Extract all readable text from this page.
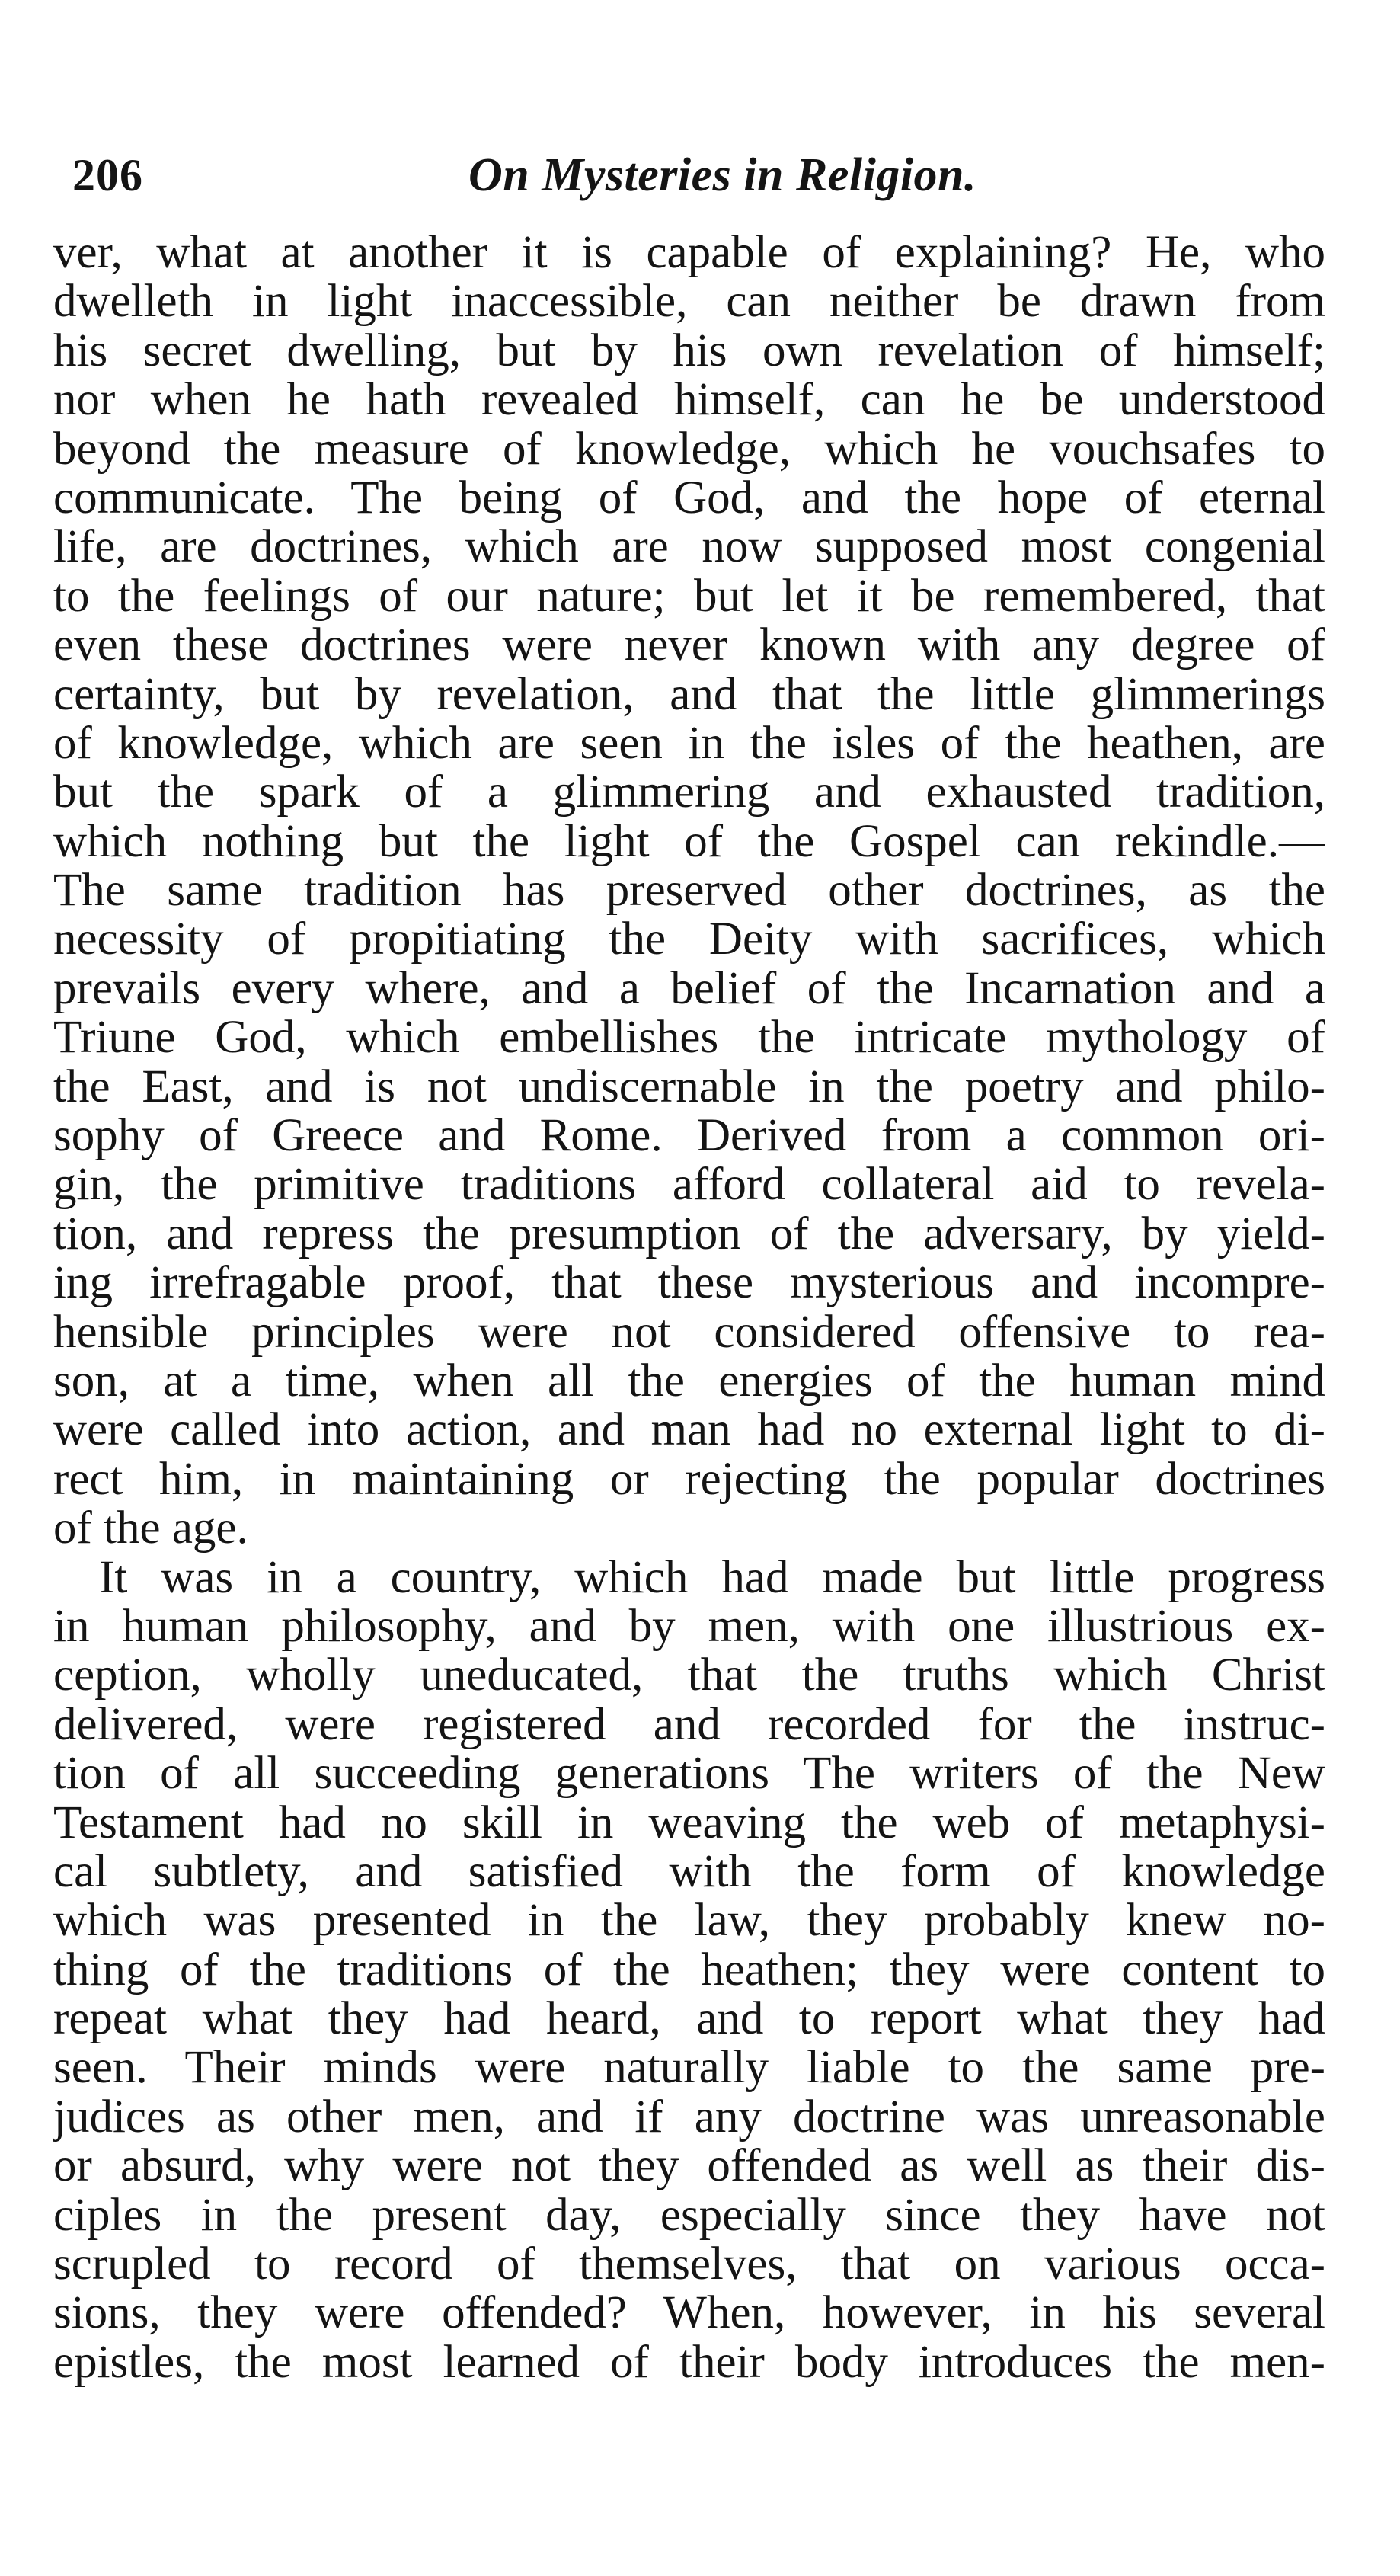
206	On Mysteries in Religion.
ver, what at another it is capable of explaining? He, who
dwelleth in light inaccessible, can neither be drawn from
his secret dwelling, but by his own revelation of himself;
nor when he hath revealed himself, can he be understood
beyond the measure of knowledge, which he vouchsafes to
communicate. The being of God, and the hope of eternal
life, are doctrines, which are now supposed most congenial
to the feelings of our nature; but let it be remembered, that
even these doctrines were never known with any degree of
certainty, but by revelation, and that the little glimmerings
of knowledge, which are seen in the isles of the heathen, are
but the spark of a glimmering and exhausted tradition,
which nothing but the light of the Gospel can rekindle.—
The same tradition has preserved other doctrines, as the
necessity of propitiating the Deity with sacrifices, which
prevails every where, and a belief of the Incarnation and a
Triune God, which embellishes the intricate mythology of
the East, and is not undiscernable in the poetry and philo-
sophy of Greece and Rome. Derived from a common ori-
gin, the primitive traditions afford collateral aid to revela-
tion, and repress the presumption of the adversary, by yield-
ing irrefragable proof, that these mysterious and incompre-
hensible principles were not considered offensive to rea-
son, at a time, when all the energies of the human mind
were called into action, and man had no external light to di-
rect him, in maintaining or rejecting the popular doctrines
of the age.
It was in a country, which had made but little progress
in human philosophy, and by men, with one illustrious ex-
ception, wholly uneducated, that the truths which Christ
delivered, were registered and recorded for the instruc-
tion of all succeeding generations The writers of the New
Testament had no skill in weaving the web of metaphysi-
cal subtlety, and satisfied with the form of knowledge
which was presented in the law, they probably knew no-
thing of the traditions of the heathen; they were content to
repeat what they had heard, and to report what they had
seen. Their minds were naturally liable to the same pre-
judices as other men, and if any doctrine was unreasonable
or absurd, why were not they offended as well as their dis-
ciples in the present day, especially since they have not
scrupled to record of themselves, that on various occa-
sions, they were offended? When, however, in his several
epistles, the most learned of their body introduces the men-
